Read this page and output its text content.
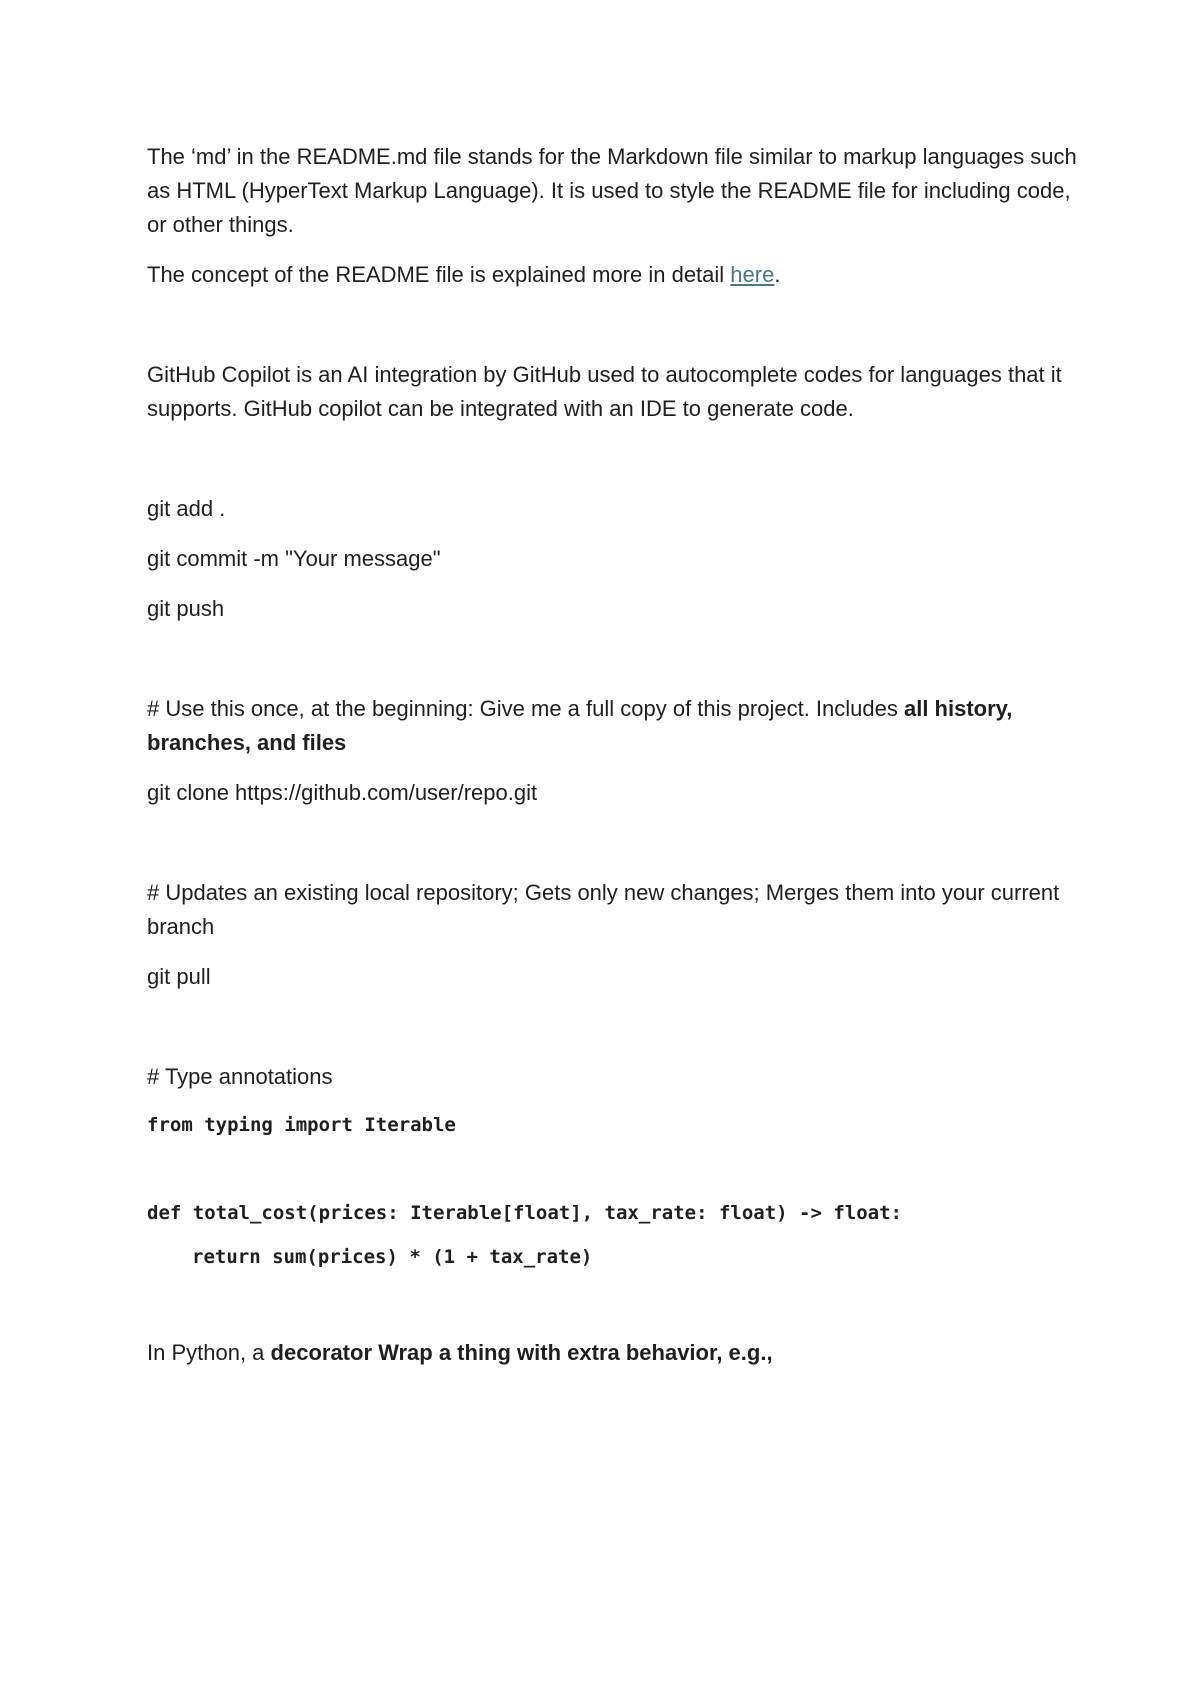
The ‘md’ in the README.md file stands for the Markdown file similar to markup languages such as HTML (HyperText Markup Language). It is used to style the README file for including code, or other things.

The concept of the README file is explained more in detail here.

GitHub Copilot is an AI integration by GitHub used to autocomplete codes for languages that it supports. GitHub copilot can be integrated with an IDE to generate code.

git add .

git commit -m "Your message"

git push

# Use this once, at the beginning: Give me a full copy of this project. Includes all history, branches, and files

git clone https://github.com/user/repo.git

# Updates an existing local repository; Gets only new changes; Merges them into your current branch

git pull

# Type annotations

from typing import Iterable
def total_cost(prices: Iterable[float], tax_rate: float) -> float:
return sum(prices) * (1 + tax_rate)

In Python, a decorator Wrap a thing with extra behavior, e.g.,
